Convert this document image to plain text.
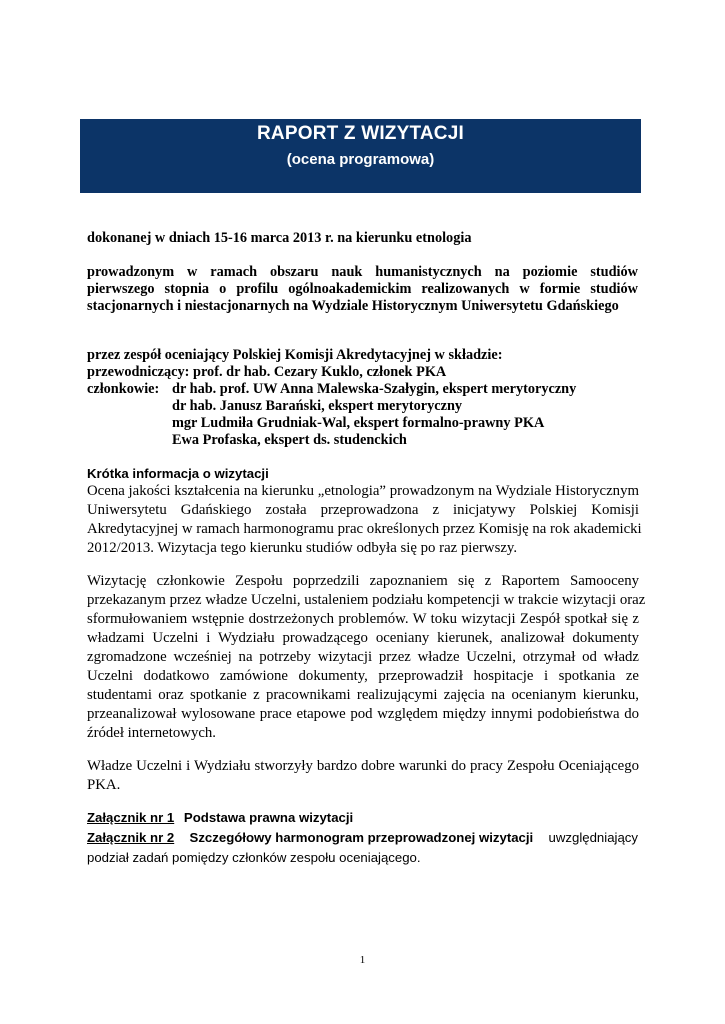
RAPORT Z WIZYTACJI
(ocena programowa)
dokonanej w dniach 15-16 marca 2013 r. na kierunku etnologia
prowadzonym w ramach obszaru nauk humanistycznych na poziomie studiów
pierwszego stopnia o profilu ogólnoakademickim realizowanych w formie studiów
stacjonarnych i niestacjonarnych na Wydziale Historycznym Uniwersytetu Gdańskiego
przez zespół oceniający Polskiej Komisji Akredytacyjnej w składzie:
przewodniczący: prof. dr hab. Cezary Kuklo, członek PKA
członkowie: dr hab. prof. UW Anna Malewska-Szałygin, ekspert merytoryczny
dr hab. Janusz Barański, ekspert merytoryczny
mgr Ludmiła Grudniak-Wal, ekspert formalno-prawny PKA
Ewa Profaska, ekspert ds. studenckich
Krótka informacja o wizytacji
Ocena jakości kształcenia na kierunku „etnologia” prowadzonym na Wydziale Historycznym
Uniwersytetu Gdańskiego została przeprowadzona z inicjatywy Polskiej Komisji
Akredytacyjnej w ramach harmonogramu prac określonych przez Komisję na rok akademicki
2012/2013. Wizytacja tego kierunku studiów odbyła się po raz pierwszy.
Wizytację członkowie Zespołu poprzedzili zapoznaniem się z Raportem Samooceny
przekazanym przez władze Uczelni, ustaleniem podziału kompetencji w trakcie wizytacji oraz
sformułowaniem wstępnie dostrzeżonych problemów. W toku wizytacji Zespół spotkał się z
władzami Uczelni i Wydziału prowadzącego oceniany kierunek, analizował dokumenty
zgromadzone wcześniej na potrzeby wizytacji przez władze Uczelni, otrzymał od władz
Uczelni dodatkowo zamówione dokumenty, przeprowadził hospitacje i spotkania ze
studentami oraz spotkanie z pracownikami realizującymi zajęcia na ocenianym kierunku,
przeanalizował wylosowane prace etapowe pod względem między innymi podobieństwa do
źródeł internetowych.
Władze Uczelni i Wydziału stworzyły bardzo dobre warunki do pracy Zespołu Oceniającego
PKA.
Załącznik nr 1 Podstawa prawna wizytacji
Załącznik nr 2 Szczegółowy harmonogram przeprowadzonej wizytacji uwzględniający
podział zadań pomiędzy członków zespołu oceniającego.
1
